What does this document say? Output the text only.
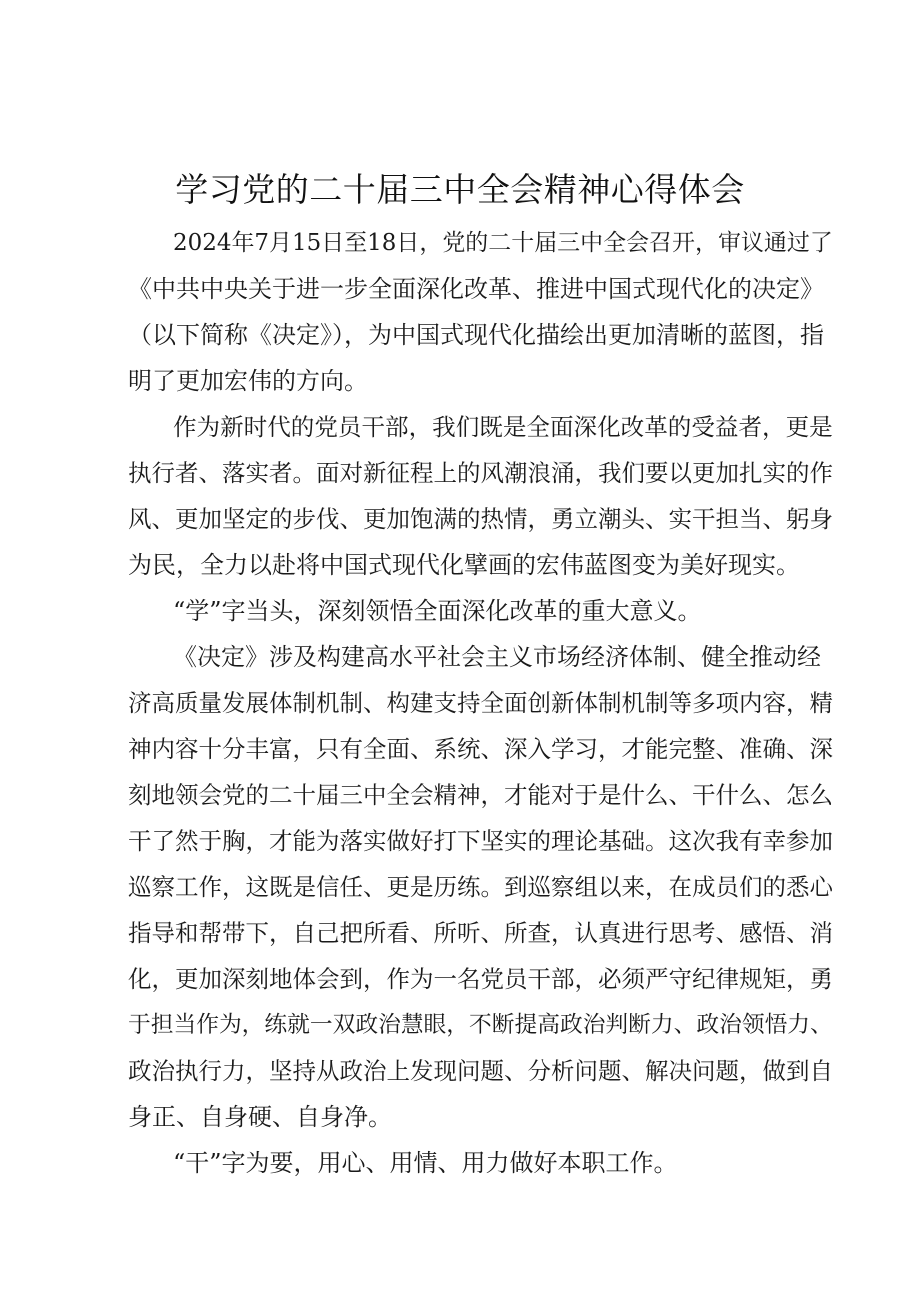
学习党的二十届三中全会精神心得体会
2024年7月15日至18日，党的二十届三中全会召开，审议通过了
《中共中央关于进一步全面深化改革、推进中国式现代化的决定》
（以下简称《决定》），为中国式现代化描绘出更加清晰的蓝图，指
明了更加宏伟的方向。
作为新时代的党员干部，我们既是全面深化改革的受益者，更是
执行者、落实者。面对新征程上的风潮浪涌，我们要以更加扎实的作
风、更加坚定的步伐、更加饱满的热情，勇立潮头、实干担当、躬身
为民，全力以赴将中国式现代化擘画的宏伟蓝图变为美好现实。
“学”字当头，深刻领悟全面深化改革的重大意义。
《决定》涉及构建高水平社会主义市场经济体制、健全推动经
济高质量发展体制机制、构建支持全面创新体制机制等多项内容，精
神内容十分丰富，只有全面、系统、深入学习，才能完整、准确、深
刻地领会党的二十届三中全会精神，才能对于是什么、干什么、怎么
干了然于胸，才能为落实做好打下坚实的理论基础。这次我有幸参加
巡察工作，这既是信任、更是历练。到巡察组以来，在成员们的悉心
指导和帮带下，自己把所看、所听、所查，认真进行思考、感悟、消
化，更加深刻地体会到，作为一名党员干部，必须严守纪律规矩，勇
于担当作为，练就一双政治慧眼，不断提高政治判断力、政治领悟力、
政治执行力，坚持从政治上发现问题、分析问题、解决问题，做到自
身正、自身硬、自身净。
“干”字为要，用心、用情、用力做好本职工作。
